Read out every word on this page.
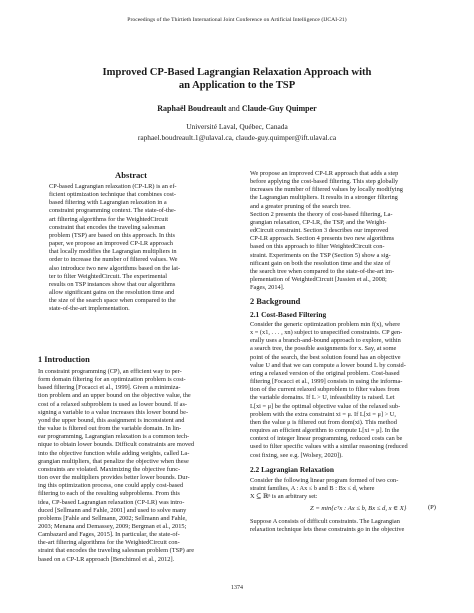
Proceedings of the Thirtieth International Joint Conference on Artificial Intelligence (IJCAI-21)
Improved CP-Based Lagrangian Relaxation Approach with
an Application to the TSP
Raphaël Boudreault and Claude-Guy Quimper
Université Laval, Québec, Canada
raphael.boudreault.1@ulaval.ca, claude-guy.quimper@ift.ulaval.ca
Abstract
CP-based Lagrangian relaxation (CP-LR) is an ef-
ficient optimization technique that combines cost-
based filtering with Lagrangian relaxation in a
constraint programming context. The state-of-the-
art filtering algorithms for the WeightedCircuit
constraint that encodes the traveling salesman
problem (TSP) are based on this approach. In this
paper, we propose an improved CP-LR approach
that locally modifies the Lagrangian multipliers in
order to increase the number of filtered values. We
also introduce two new algorithms based on the lat-
ter to filter WeightedCircuit. The experimental
results on TSP instances show that our algorithms
allow significant gains on the resolution time and
the size of the search space when compared to the
state-of-the-art implementation.
1 Introduction
In constraint programming (CP), an efficient way to per-
form domain filtering for an optimization problem is cost-
based filtering [Focacci et al., 1999]. Given a minimiza-
tion problem and an upper bound on the objective value, the
cost of a relaxed subproblem is used as lower bound. If as-
signing a variable to a value increases this lower bound be-
yond the upper bound, this assignment is inconsistent and
the value is filtered out from the variable domain. In lin-
ear programming, Lagrangian relaxation is a common tech-
nique to obtain lower bounds. Difficult constraints are moved
into the objective function while adding weights, called La-
grangian multipliers, that penalize the objective when these
constraints are violated. Maximizing the objective func-
tion over the multipliers provides better lower bounds. Dur-
ing this optimization process, one could apply cost-based
filtering to each of the resulting subproblems. From this
idea, CP-based Lagrangian relaxation (CP-LR) was intro-
duced [Sellmann and Fahle, 2001] and used to solve many
problems [Fahle and Sellmann, 2002; Sellmann and Fahle,
2003; Menana and Demassey, 2009; Bergman et al., 2015;
Cambazard and Fages, 2015]. In particular, the state-of-
the-art filtering algorithms for the WeightedCircuit con-
straint that encodes the traveling salesman problem (TSP) are
based on a CP-LR approach [Benchimol et al., 2012].
We propose an improved CP-LR approach that adds a step
before applying the cost-based filtering. This step globally
increases the number of filtered values by locally modifying
the Lagrangian multipliers. It results in a stronger filtering
and a greater pruning of the search tree.
Section 2 presents the theory of cost-based filtering, La-
grangian relaxation, CP-LR, the TSP, and the Weight-
edCircuit constraint. Section 3 describes our improved
CP-LR approach. Section 4 presents two new algorithms
based on this approach to filter WeightedCircuit con-
straint. Experiments on the TSP (Section 5) show a sig-
nificant gain on both the resolution time and the size of
the search tree when compared to the state-of-the-art im-
plementation of WeightedCircuit [Jussien et al., 2008;
Fages, 2014].
2 Background
2.1 Cost-Based Filtering
Consider the generic optimization problem min f(x), where
x = (x1, . . . , xn) subject to unspecified constraints. CP gen-
erally uses a branch-and-bound approach to explore, within
a search tree, the possible assignments for x. Say, at some
point of the search, the best solution found has an objective
value U and that we can compute a lower bound L by consid-
ering a relaxed version of the original problem. Cost-based
filtering [Focacci et al., 1999] consists in using the informa-
tion of the current relaxed subproblem to filter values from
the variable domains. If L > U, infeasibility is raised. Let
L[xi = μ] be the optimal objective value of the relaxed sub-
problem with the extra constraint xi = μ. If L[xi = μ] > U,
then the value μ is filtered out from dom(xi). This method
requires an efficient algorithm to compute L[xi = μ]. In the
context of integer linear programming, reduced costs can be
used to filter specific values with a similar reasoning (reduced
cost fixing, see e.g. [Wolsey, 2020]).
2.2 Lagrangian Relaxation
Consider the following linear program formed of two con-
straint families, A : Ax ≤ b and B : Bx ≤ d, where
X ⊆ ℝⁿ is an arbitrary set:
Z = min{cᵀx : Ax ≤ b, Bx ≤ d, x ∈ X}	(P)
Suppose A consists of difficult constraints. The Lagrangian
relaxation technique lets these constraints go in the objective
1374
